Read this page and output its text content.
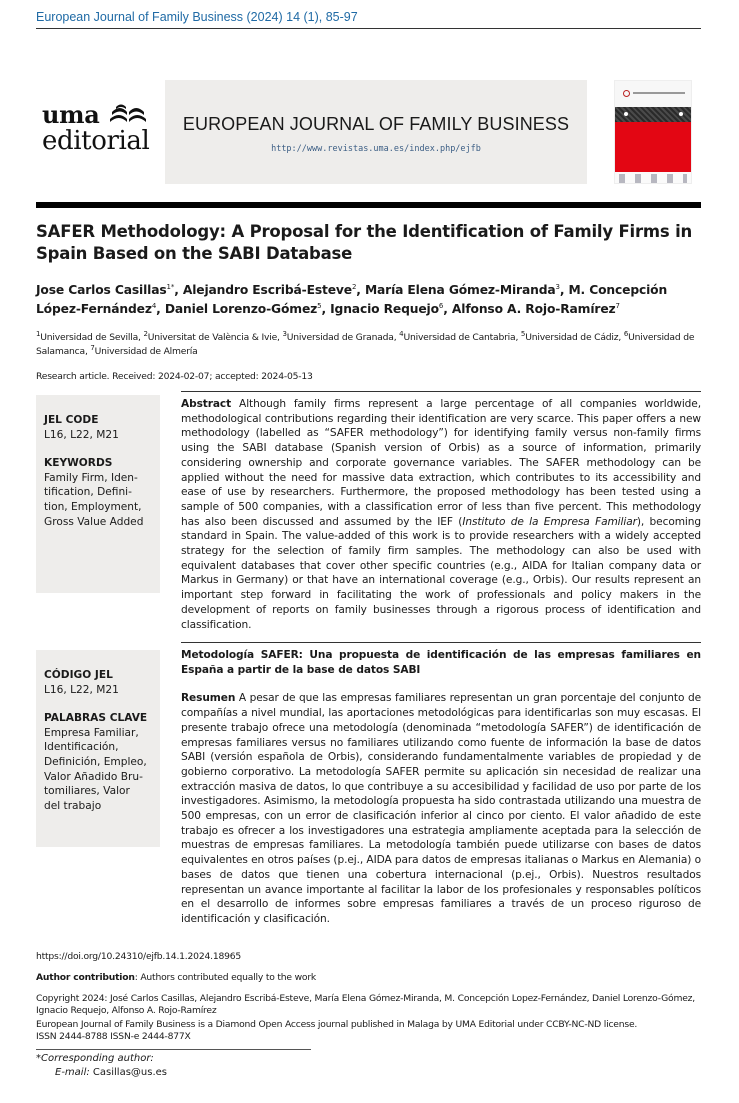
European Journal of Family Business (2024) 14 (1), 85-97
uma
editorial
EUROPEAN JOURNAL OF FAMILY BUSINESS
http://www.revistas.uma.es/index.php/ejfb
SAFER Methodology: A Proposal for the Identification of Family Firms in Spain Based on the SABI Database
Jose Carlos Casillas$^{1*}$, Alejandro Escribá-Esteve$^2$, María Elena Gómez-Miranda$^3$, M. Concepción López-Fernández$^4$, Daniel Lorenzo-Gómez$^5$, Ignacio Requejo$^6$, Alfonso A. Rojo-Ramírez$^7$
$^1$Universidad de Sevilla, $^2$Universitat de València & Ivie, $^3$Universidad de Granada, $^4$Universidad de Cantabria, $^5$Universidad de Cádiz, $^6$Universidad de Salamanca, $^7$Universidad de Almería
Research article. Received: 2024-02-07; accepted: 2024-05-13
JEL CODE
L16, L22, M21
KEYWORDS
Family Firm, Iden-
tification, Defini-
tion, Employment,
Gross Value Added
Abstract Although family firms represent a large percentage of all companies worldwide, methodological contributions regarding their identification are very scarce. This paper offers a new methodology (labelled as “SAFER methodology”) for identifying family versus non-family firms using the SABI database (Spanish version of Orbis) as a source of information, primarily considering ownership and corporate governance variables. The SAFER methodology can be applied without the need for massive data extraction, which contributes to its accessibility and ease of use by researchers. Furthermore, the proposed methodology has been tested using a sample of 500 companies, with a classification error of less than five percent. This methodology has also been discussed and assumed by the IEF (Instituto de la Empresa Familiar), becoming standard in Spain. The value-added of this work is to provide researchers with a widely accepted strategy for the selection of family firm samples. The methodology can also be used with equivalent databases that cover other specific countries (e.g., AIDA for Italian company data or Markus in Germany) or that have an international coverage (e.g., Orbis). Our results represent an important step forward in facilitating the work of professionals and policy makers in the development of reports on family businesses through a rigorous process of identification and classification.
CÓDIGO JEL
L16, L22, M21
PALABRAS CLAVE
Empresa Familiar,
Identificación,
Definición, Empleo,
Valor Añadido Bru-
tomiliares, Valor
del trabajo
Metodología SAFER: Una propuesta de identificación de las empresas familiares en España a partir de la base de datos SABI
Resumen A pesar de que las empresas familiares representan un gran porcentaje del conjunto de compañías a nivel mundial, las aportaciones metodológicas para identificarlas son muy escasas. El presente trabajo ofrece una metodología (denominada “metodología SAFER”) de identificación de empresas familiares versus no familiares utilizando como fuente de información la base de datos SABI (versión española de Orbis), considerando fundamentalmente variables de propiedad y de gobierno corporativo. La metodología SAFER permite su aplicación sin necesidad de realizar una extracción masiva de datos, lo que contribuye a su accesibilidad y facilidad de uso por parte de los investigadores. Asimismo, la metodología propuesta ha sido contrastada utilizando una muestra de 500 empresas, con un error de clasificación inferior al cinco por ciento. El valor añadido de este trabajo es ofrecer a los investigadores una estrategia ampliamente aceptada para la selección de muestras de empresas familiares. La metodología también puede utilizarse con bases de datos equivalentes en otros países (p.ej., AIDA para datos de empresas italianas o Markus en Alemania) o bases de datos que tienen una cobertura internacional (p.ej., Orbis). Nuestros resultados representan un avance importante al facilitar la labor de los profesionales y responsables políticos en el desarrollo de informes sobre empresas familiares a través de un proceso riguroso de identificación y clasificación.
https://doi.org/10.24310/ejfb.14.1.2024.18965
Author contribution: Authors contributed equally to the work
Copyright 2024: José Carlos Casillas, Alejandro Escribá-Esteve, María Elena Gómez-Miranda, M. Concepción Lopez-Fernández, Daniel Lorenzo-Gómez, Ignacio Requejo, Alfonso A. Rojo-Ramírez
European Journal of Family Business is a Diamond Open Access journal published in Malaga by UMA Editorial under CCBY-NC-ND license.
ISSN 2444-8788 ISSN-e 2444-877X
*Corresponding author:
E-mail: Casillas@us.es
